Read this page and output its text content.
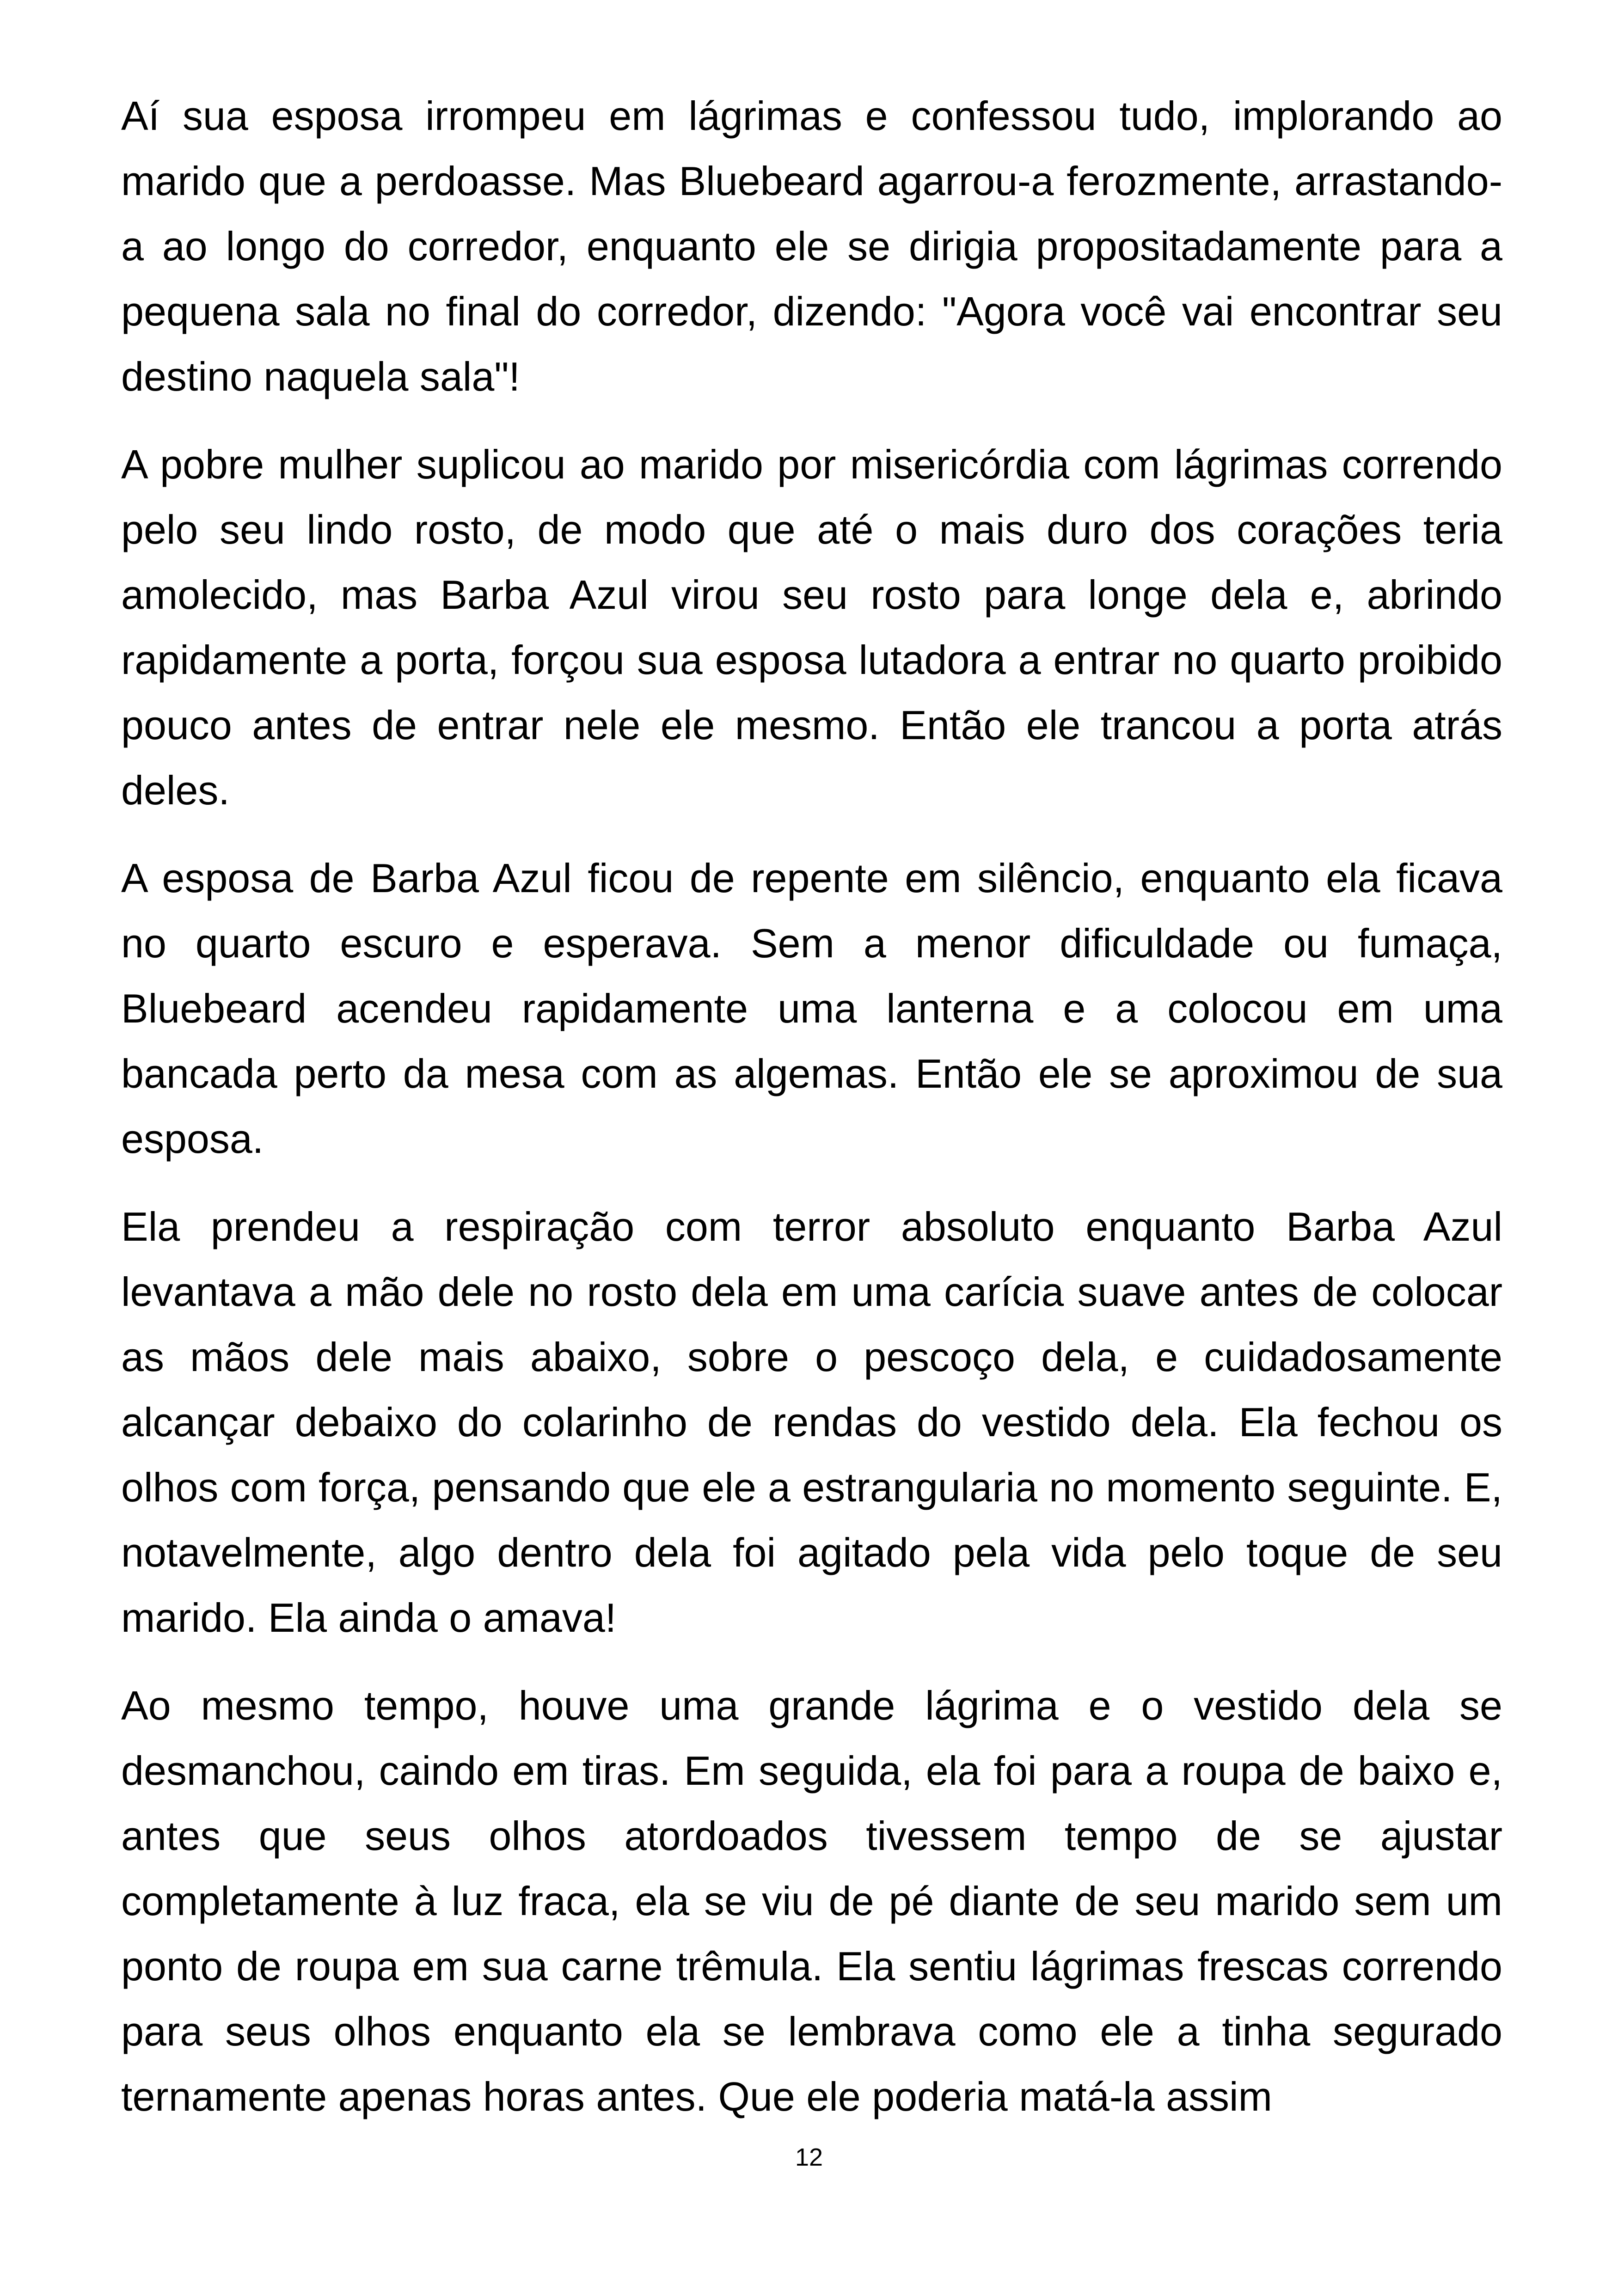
Aí sua esposa irrompeu em lágrimas e confessou tudo, implorando ao marido que a perdoasse. Mas Bluebeard agarrou-a ferozmente, arrastando-a ao longo do corredor, enquanto ele se dirigia propositadamente para a pequena sala no final do corredor, dizendo: "Agora você vai encontrar seu destino naquela sala"!

A pobre mulher suplicou ao marido por misericórdia com lágrimas correndo pelo seu lindo rosto, de modo que até o mais duro dos corações teria amolecido, mas Barba Azul virou seu rosto para longe dela e, abrindo rapidamente a porta, forçou sua esposa lutadora a entrar no quarto proibido pouco antes de entrar nele ele mesmo. Então ele trancou a porta atrás deles.

A esposa de Barba Azul ficou de repente em silêncio, enquanto ela ficava no quarto escuro e esperava. Sem a menor dificuldade ou fumaça, Bluebeard acendeu rapidamente uma lanterna e a colocou em uma bancada perto da mesa com as algemas. Então ele se aproximou de sua esposa.

Ela prendeu a respiração com terror absoluto enquanto Barba Azul levantava a mão dele no rosto dela em uma carícia suave antes de colocar as mãos dele mais abaixo, sobre o pescoço dela, e cuidadosamente alcançar debaixo do colarinho de rendas do vestido dela. Ela fechou os olhos com força, pensando que ele a estrangularia no momento seguinte. E, notavelmente, algo dentro dela foi agitado pela vida pelo toque de seu marido. Ela ainda o amava!

Ao mesmo tempo, houve uma grande lágrima e o vestido dela se desmanchou, caindo em tiras. Em seguida, ela foi para a roupa de baixo e, antes que seus olhos atordoados tivessem tempo de se ajustar completamente à luz fraca, ela se viu de pé diante de seu marido sem um ponto de roupa em sua carne trêmula. Ela sentiu lágrimas frescas correndo para seus olhos enquanto ela se lembrava como ele a tinha segurado ternamente apenas horas antes. Que ele poderia matá-la assim

12
